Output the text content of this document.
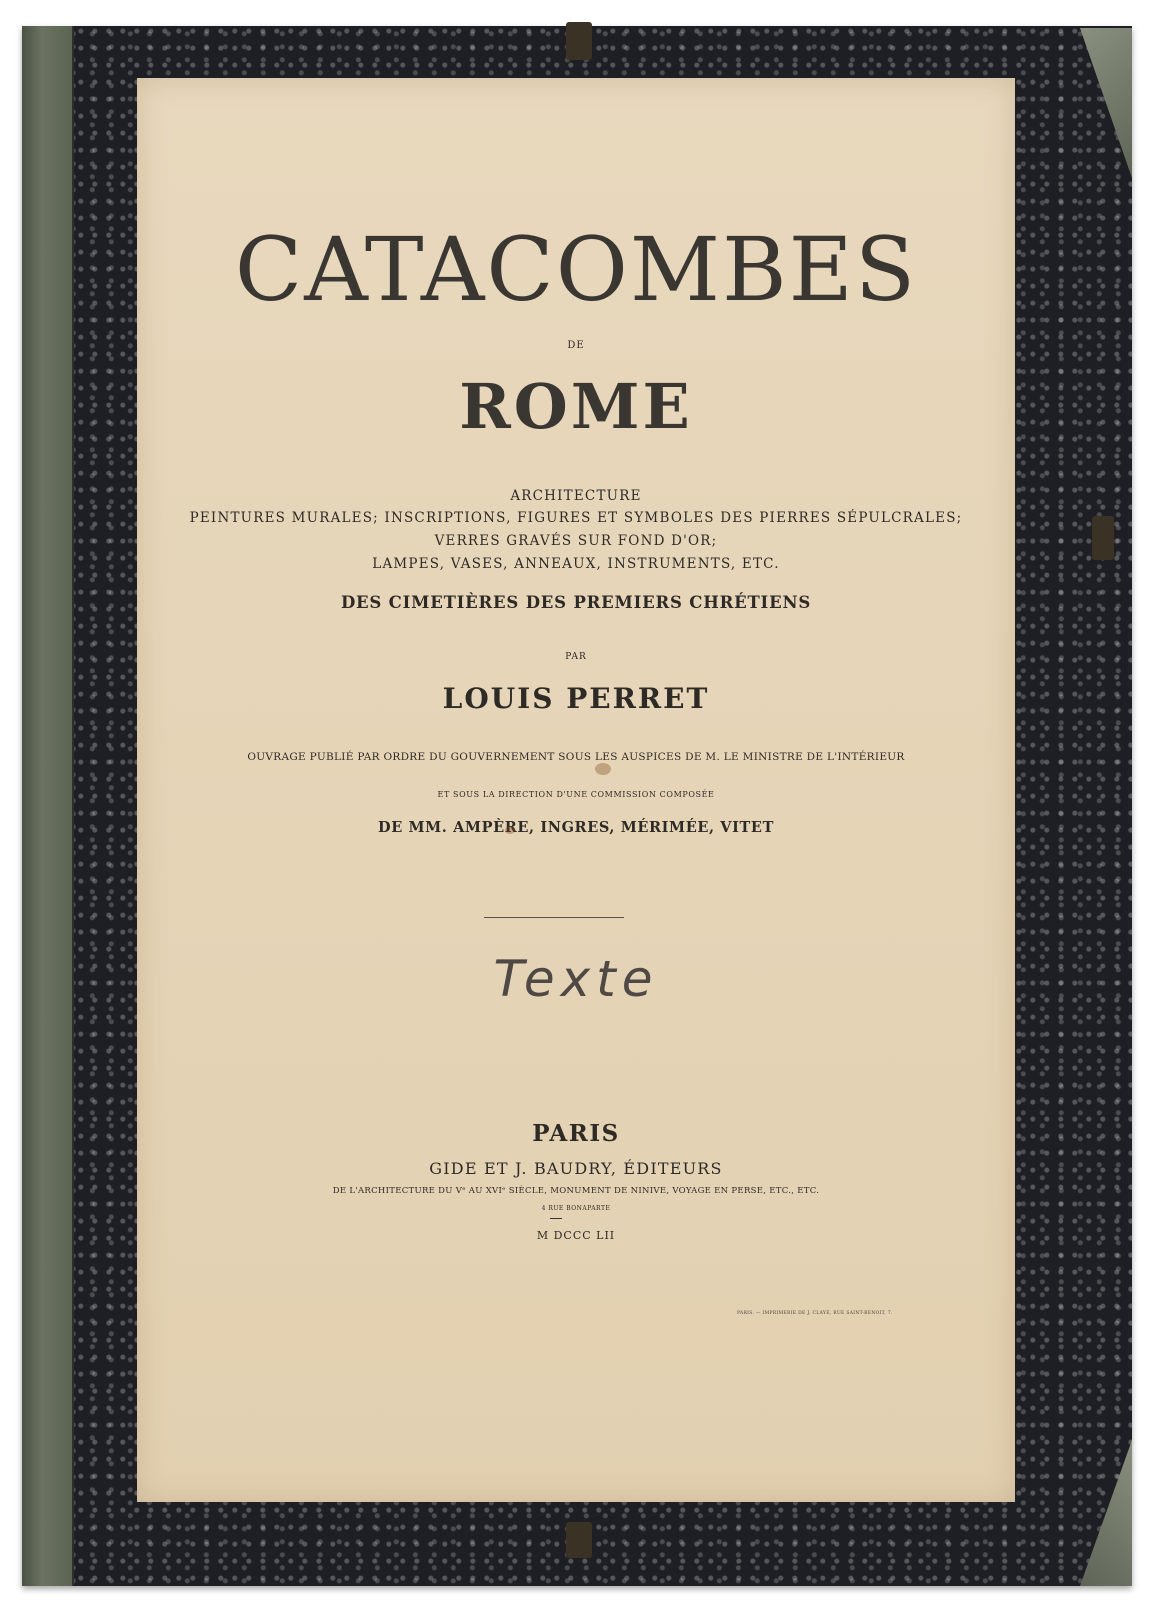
CATACOMBES
DE
ROME
ARCHITECTURE
PEINTURES MURALES; INSCRIPTIONS, FIGURES ET SYMBOLES DES PIERRES SÉPULCRALES;
VERRES GRAVÉS SUR FOND D'OR;
LAMPES, VASES, ANNEAUX, INSTRUMENTS, ETC.
DES CIMETIÈRES DES PREMIERS CHRÉTIENS
PAR
LOUIS PERRET
OUVRAGE PUBLIÉ PAR ORDRE DU GOUVERNEMENT SOUS LES AUSPICES DE M. LE MINISTRE DE L'INTÉRIEUR
ET SOUS LA DIRECTION D'UNE COMMISSION COMPOSÉE
DE MM. AMPÈRE, INGRES, MÉRIMÉE, VITET
Texte
PARIS
GIDE ET J. BAUDRY, ÉDITEURS
DE L'ARCHITECTURE DU Vᵉ AU XVIᵉ SIÈCLE, MONUMENT DE NINIVE, VOYAGE EN PERSE, ETC., ETC.
4 RUE BONAPARTE
M DCCC LII
PARIS. — IMPRIMERIE DE J. CLAYE, RUE SAINT-BENOIT, 7.
